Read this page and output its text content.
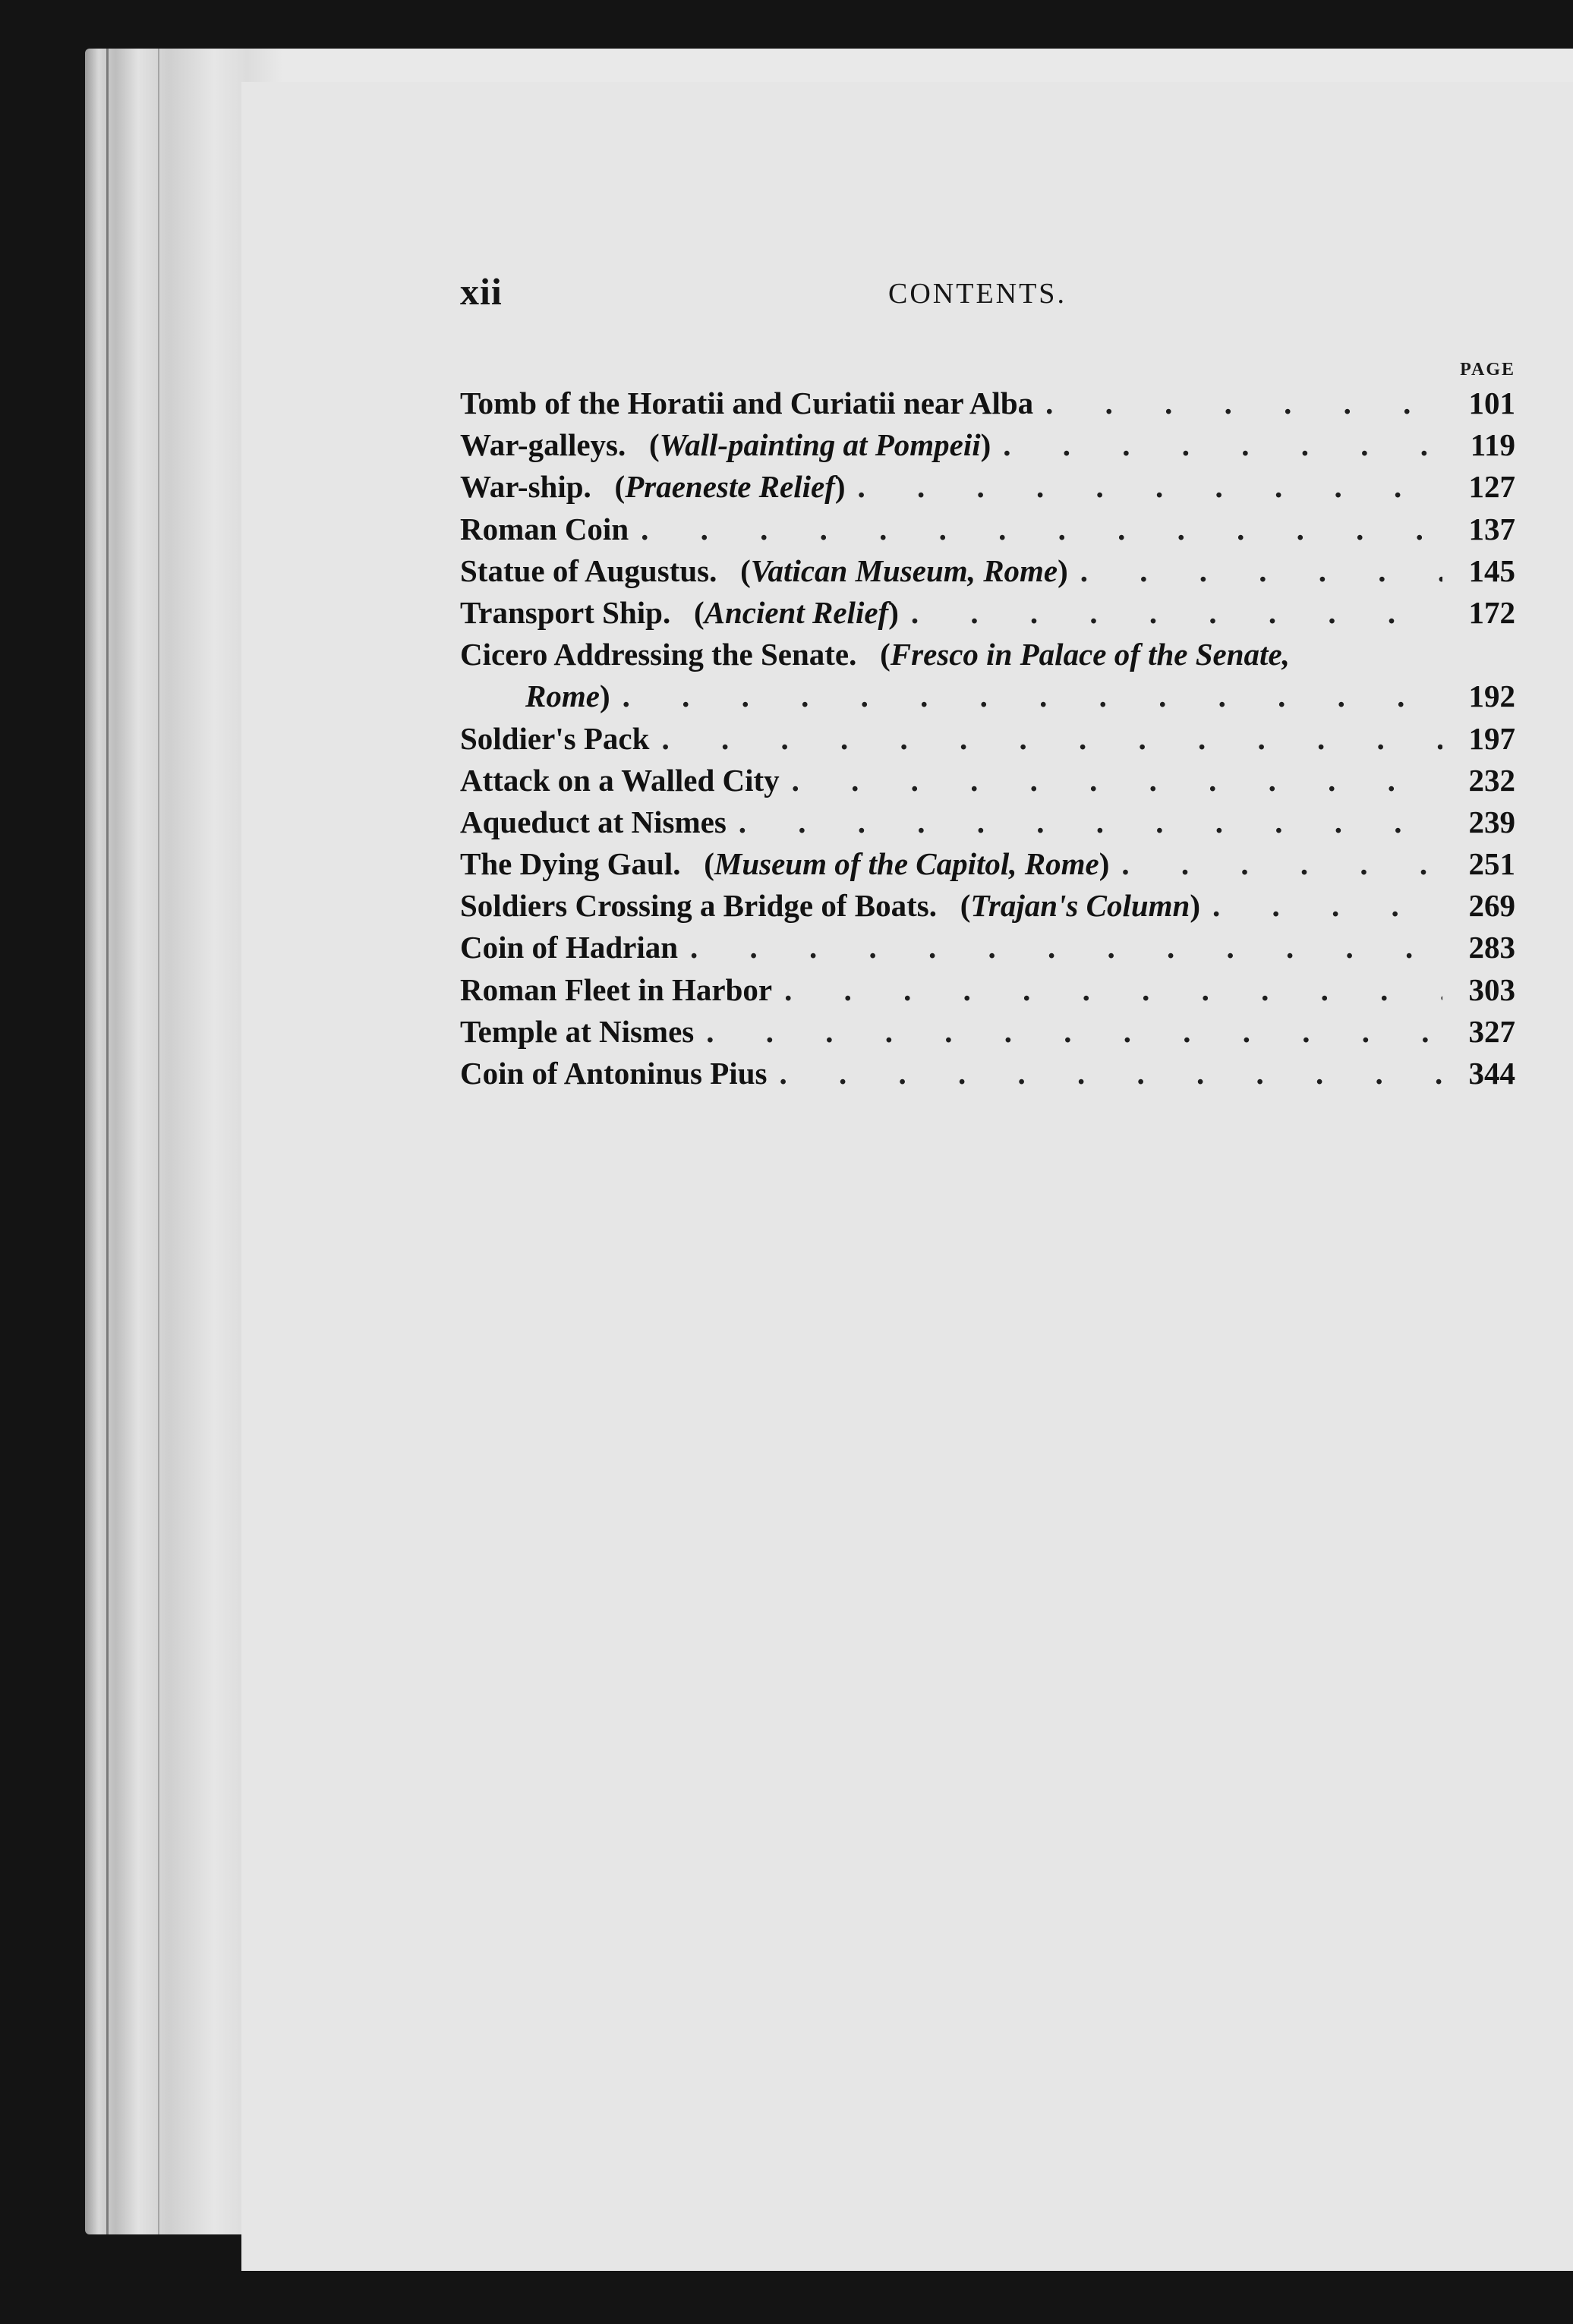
xii	CONTENTS.
PAGE
Tomb of the Horatii and Curiatii near Alba . . .	101
War-galleys.
( Wall-painting at Pompeii ) . . .	119
War-ship.
( Praeneste Relief ) . . .	127
Roman Coin . . .	137
Statue of Augustus.
( Vatican Museum, Rome ) . . .	145
Transport Ship.
( Ancient Relief ) . . .	172
Cicero Addressing the Senate.
( Fresco in Palace of the Senate,
Rome ) . . .	192
Soldier's Pack . . .	197
Attack on a Walled City . . .	232
Aqueduct at Nismes . . .	239
The Dying Gaul.
( Museum of the Capitol, Rome ) . . .	251
Soldiers Crossing a Bridge of Boats.
( Trajan's Column ) . . .	269
Coin of Hadrian . . .	283
Roman Fleet in Harbor . . .	303
Temple at Nismes . . .	327
Coin of Antoninus Pius . . .	344
